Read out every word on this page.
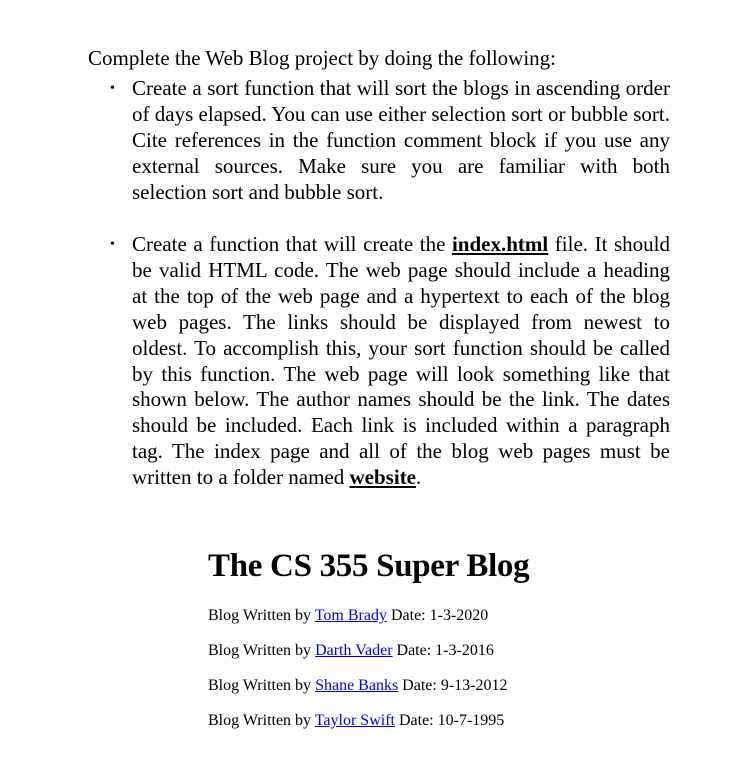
Complete the Web Blog project by doing the following:

• Create a sort function that will sort the blogs in ascending order of days elapsed. You can use either selection sort or bubble sort. Cite references in the function comment block if you use any external sources. Make sure you are familiar with both selection sort and bubble sort.
• Create a function that will create the index.html file. It should be valid HTML code. The web page should include a heading at the top of the web page and a hypertext to each of the blog web pages. The links should be displayed from newest to oldest. To accomplish this, your sort function should be called by this function. The web page will look something like that shown below. The author names should be the link. The dates should be included. Each link is included within a paragraph tag. The index page and all of the blog web pages must be written to a folder named website.
The CS 355 Super Blog
Blog Written by Tom Brady Date: 1-3-2020
Blog Written by Darth Vader Date: 1-3-2016
Blog Written by Shane Banks Date: 9-13-2012
Blog Written by Taylor Swift Date: 10-7-1995
